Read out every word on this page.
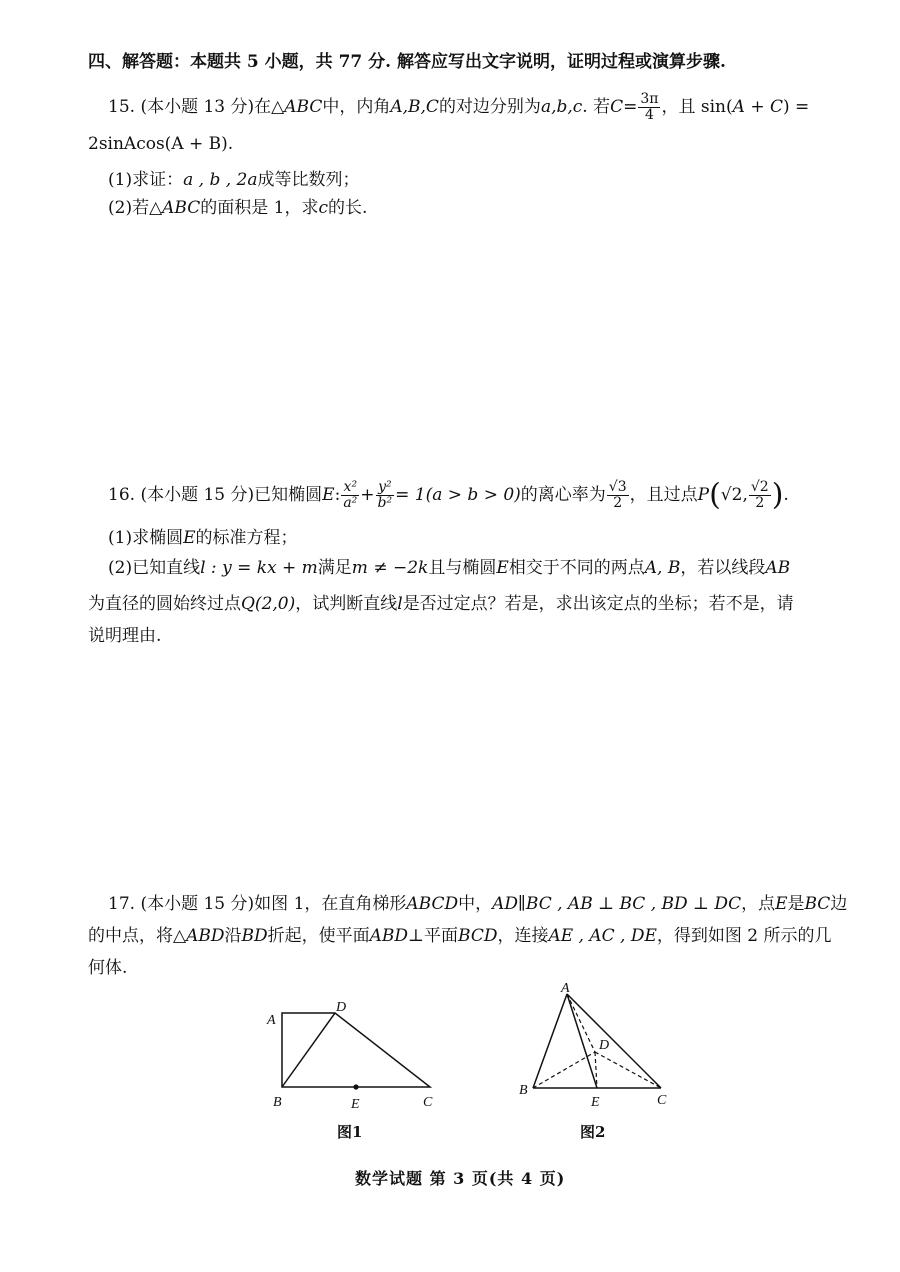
四、解答题：本题共 5 小题，共 77 分. 解答应写出文字说明，证明过程或演算步骤.
15. (本小题 13 分)在△ABC中，内角A,B,C的对边分别为a,b,c. 若$C= \frac{3\pi}{4}$ ，且 sin(A + C) =
2sinAcos(A + B).
(1)求证：a , b , 2a成等比数列；
(2)若△ABC的面积是 1，求c的长.
16. (本小题 15 分)已知椭圆E: $\frac{\text{x²}}{\text{a²}} + \frac{\text{y²}}{\text{b²}} = 1(a > b > 0)$的离心率为 $\frac{√3}{2}$ ，且过点P(√2, $\frac{√2}{2}$ ).
(1)求椭圆E的标准方程；
(2)已知直线l : y = kx + m满足m ≠ −2k且与椭圆E相交于不同的两点A, B，若以线段AB
为直径的圆始终过点Q(2,0)，试判断直线l是否过定点？若是，求出该定点的坐标；若不是，请
说明理由.
17. (本小题 15 分)如图 1，在直角梯形ABCD中，AD∥BC , AB ⊥ BC , BD ⊥ DC，点E是BC边
的中点，将△ABD沿BD折起，使平面ABD⊥平面BCD，连接AE , AC , DE，得到如图 2 所示的几
何体.
A
D
B	E	C
图1
A
D
B
E	C
图2
数学试题 第 3 页(共 4 页)
